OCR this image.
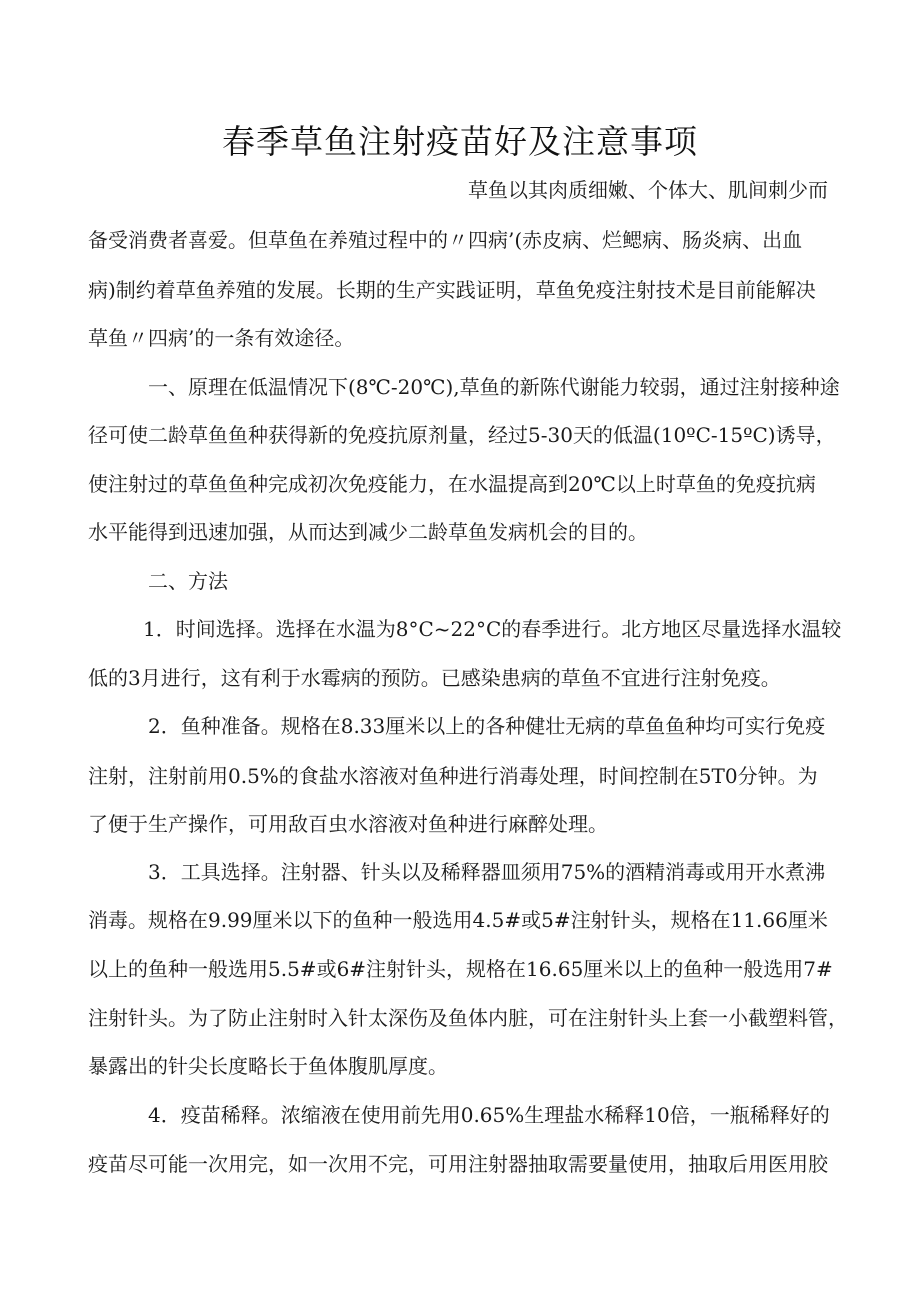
春季草鱼注射疫苗好及注意事项

草鱼以其肉质细嫩、个体大、肌间刺少而

备受消费者喜爱。但草鱼在养殖过程中的〃四病’(赤皮病、烂鳃病、肠炎病、出血

病)制约着草鱼养殖的发展。长期的生产实践证明，草鱼免疫注射技术是目前能解决

草鱼〃四病’的一条有效途径。

一、原理在低温情况下(8℃-20℃),草鱼的新陈代谢能力较弱，通过注射接种途

径可使二龄草鱼鱼种获得新的免疫抗原剂量，经过5-30天的低温(10ºC-15ºC)诱导，

使注射过的草鱼鱼种完成初次免疫能力，在水温提高到20℃以上时草鱼的免疫抗病

水平能得到迅速加强，从而达到减少二龄草鱼发病机会的目的。

二、方法

1．时间选择。选择在水温为8°C~22°C的春季进行。北方地区尽量选择水温较

低的3月进行，这有利于水霉病的预防。已感染患病的草鱼不宜进行注射免疫。

2．鱼种准备。规格在8.33厘米以上的各种健壮无病的草鱼鱼种均可实行免疫

注射，注射前用0.5%的食盐水溶液对鱼种进行消毒处理，时间控制在5T0分钟。为

了便于生产操作，可用敌百虫水溶液对鱼种进行麻醉处理。

3．工具选择。注射器、针头以及稀释器皿须用75%的酒精消毒或用开水煮沸

消毒。规格在9.99厘米以下的鱼种一般选用4.5#或5#注射针头，规格在11.66厘米

以上的鱼种一般选用5.5#或6#注射针头，规格在16.65厘米以上的鱼种一般选用7#

注射针头。为了防止注射时入针太深伤及鱼体内脏，可在注射针头上套一小截塑料管，

暴露出的针尖长度略长于鱼体腹肌厚度。

4．疫苗稀释。浓缩液在使用前先用0.65%生理盐水稀释10倍，一瓶稀释好的

疫苗尽可能一次用完，如一次用不完，可用注射器抽取需要量使用，抽取后用医用胶
